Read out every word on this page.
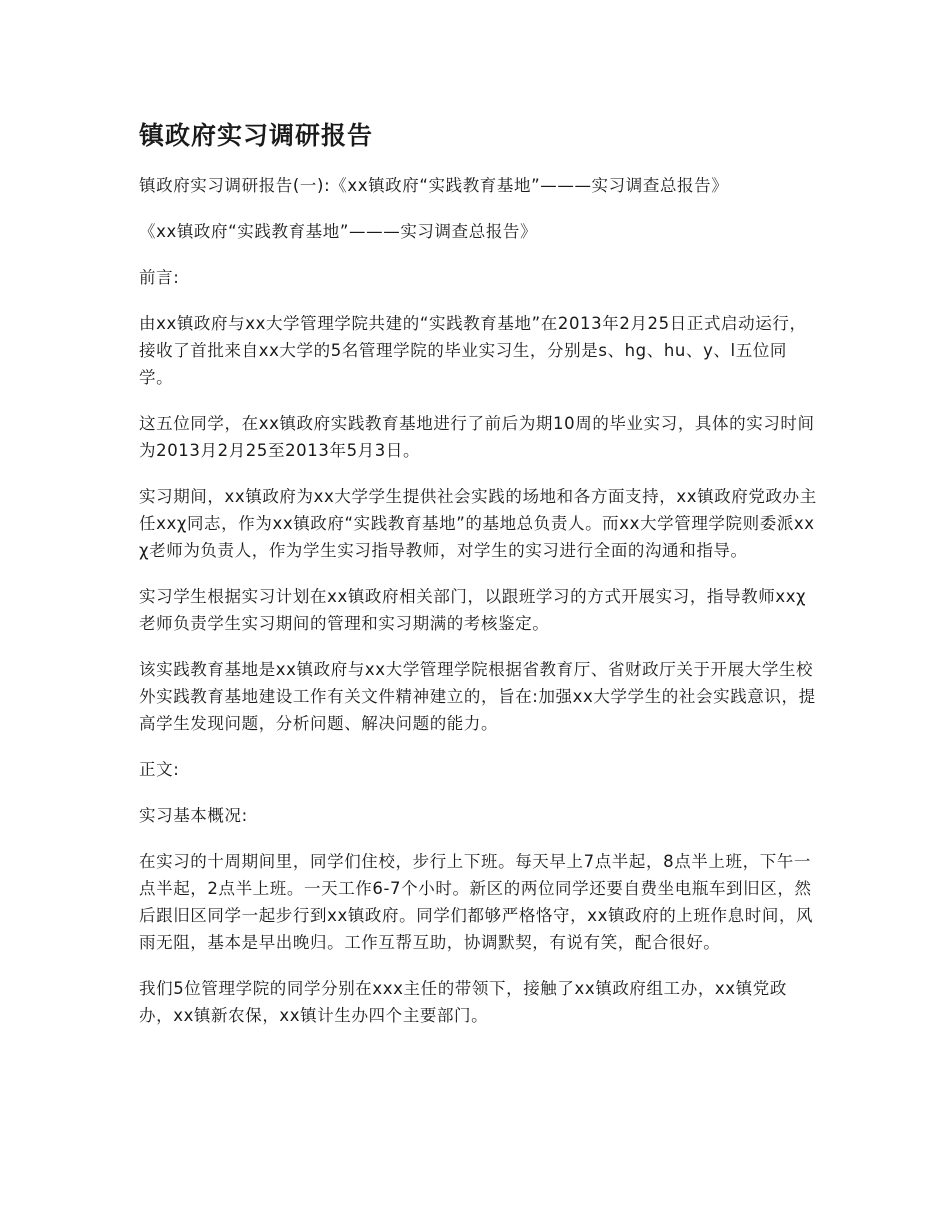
镇政府实习调研报告

镇政府实习调研报告(一):《xx镇政府“实践教育基地”———实习调查总报告》

《xx镇政府“实践教育基地”———实习调查总报告》

前言:

由xx镇政府与xx大学管理学院共建的“实践教育基地”在2013年2月25日正式启动运行，接收了首批来自xx大学的5名管理学院的毕业实习生，分别是s、hg、hu、y、l五位同学。

这五位同学，在xx镇政府实践教育基地进行了前后为期10周的毕业实习，具体的实习时间为2013月2月25至2013年5月3日。

实习期间，xx镇政府为xx大学学生提供社会实践的场地和各方面支持，xx镇政府党政办主任xxχ同志，作为xx镇政府“实践教育基地”的基地总负责人。而xx大学管理学院则委派xxχ老师为负责人，作为学生实习指导教师，对学生的实习进行全面的沟通和指导。

实习学生根据实习计划在xx镇政府相关部门，以跟班学习的方式开展实习，指导教师xxχ老师负责学生实习期间的管理和实习期满的考核鉴定。

该实践教育基地是xx镇政府与xx大学管理学院根据省教育厅、省财政厅关于开展大学生校外实践教育基地建设工作有关文件精神建立的，旨在:加强xx大学学生的社会实践意识，提高学生发现问题，分析问题、解决问题的能力。

正文:

实习基本概况:

在实习的十周期间里，同学们住校，步行上下班。每天早上7点半起，8点半上班，下午一点半起，2点半上班。一天工作6-7个小时。新区的两位同学还要自费坐电瓶车到旧区，然后跟旧区同学一起步行到xx镇政府。同学们都够严格恪守，xx镇政府的上班作息时间，风雨无阻，基本是早出晚归。工作互帮互助，协调默契，有说有笑，配合很好。

我们5位管理学院的同学分别在xxx主任的带领下，接触了xx镇政府组工办，xx镇党政办，xx镇新农保，xx镇计生办四个主要部门。
